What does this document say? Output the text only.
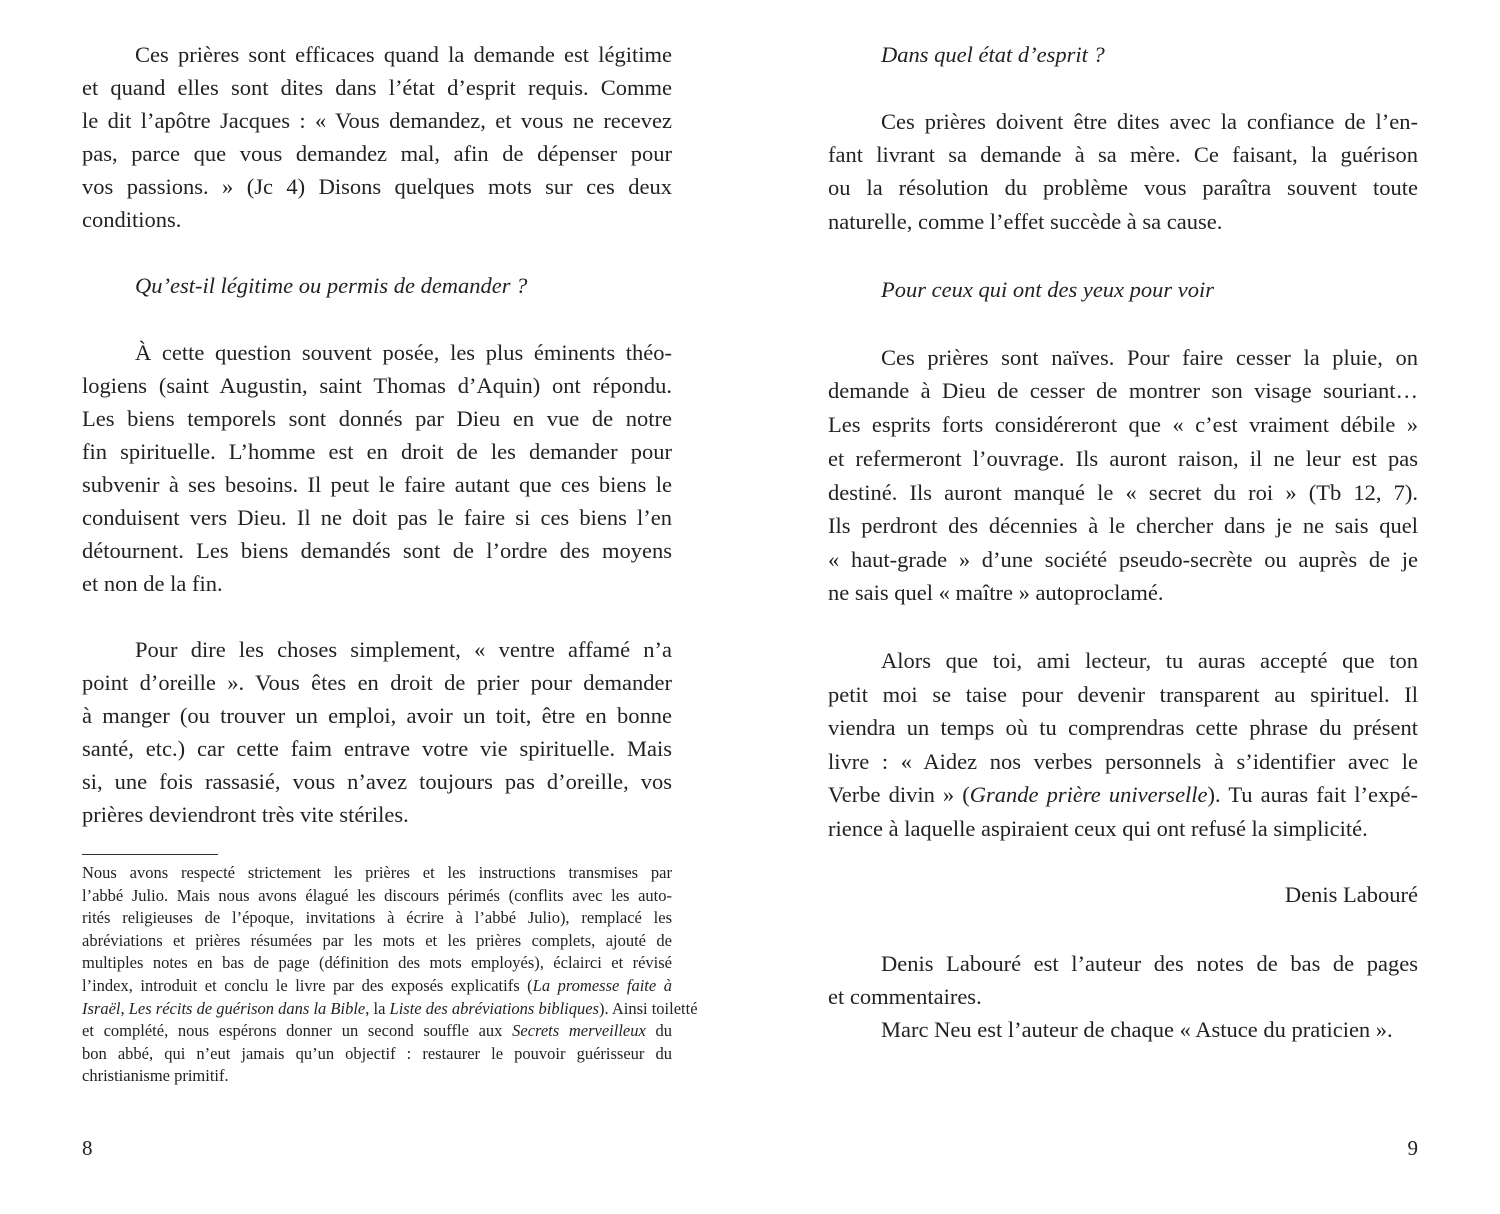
Ces prières sont efficaces quand la demande est légitime
et quand elles sont dites dans l’état d’esprit requis. Comme
le dit l’apôtre Jacques : « Vous demandez, et vous ne recevez
pas, parce que vous demandez mal, afin de dépenser pour
vos passions. » (Jc 4) Disons quelques mots sur ces deux
conditions.
Qu’est-il légitime ou permis de demander ?
À cette question souvent posée, les plus éminents théo-
logiens (saint Augustin, saint Thomas d’Aquin) ont répondu.
Les biens temporels sont donnés par Dieu en vue de notre
fin spirituelle. L’homme est en droit de les demander pour
subvenir à ses besoins. Il peut le faire autant que ces biens le
conduisent vers Dieu. Il ne doit pas le faire si ces biens l’en
détournent. Les biens demandés sont de l’ordre des moyens
et non de la fin.
Pour dire les choses simplement, « ventre affamé n’a
point d’oreille ». Vous êtes en droit de prier pour demander
à manger (ou trouver un emploi, avoir un toit, être en bonne
santé, etc.) car cette faim entrave votre vie spirituelle. Mais
si, une fois rassasié, vous n’avez toujours pas d’oreille, vos
prières deviendront très vite stériles.
Nous avons respecté strictement les prières et les instructions transmises par
l’abbé Julio. Mais nous avons élagué les discours périmés (conflits avec les auto-
rités religieuses de l’époque, invitations à écrire à l’abbé Julio), remplacé les
abréviations et prières résumées par les mots et les prières complets, ajouté de
multiples notes en bas de page (définition des mots employés), éclairci et révisé
l’index, introduit et conclu le livre par des exposés explicatifs (La promesse faite à
Israël, Les récits de guérison dans la Bible, la Liste des abréviations bibliques). Ainsi toiletté
et complété, nous espérons donner un second souffle aux Secrets merveilleux du
bon abbé, qui n’eut jamais qu’un objectif : restaurer le pouvoir guérisseur du
christianisme primitif.
8
Dans quel état d’esprit ?
Ces prières doivent être dites avec la confiance de l’en-
fant livrant sa demande à sa mère. Ce faisant, la guérison
ou la résolution du problème vous paraîtra souvent toute
naturelle, comme l’effet succède à sa cause.
Pour ceux qui ont des yeux pour voir
Ces prières sont naïves. Pour faire cesser la pluie, on
demande à Dieu de cesser de montrer son visage souriant…
Les esprits forts considéreront que « c’est vraiment débile »
et refermeront l’ouvrage. Ils auront raison, il ne leur est pas
destiné. Ils auront manqué le « secret du roi » (Tb 12, 7).
Ils perdront des décennies à le chercher dans je ne sais quel
« haut-grade » d’une société pseudo-secrète ou auprès de je
ne sais quel « maître » autoproclamé.
Alors que toi, ami lecteur, tu auras accepté que ton
petit moi se taise pour devenir transparent au spirituel. Il
viendra un temps où tu comprendras cette phrase du présent
livre : « Aidez nos verbes personnels à s’identifier avec le
Verbe divin » (Grande prière universelle). Tu auras fait l’expé-
rience à laquelle aspiraient ceux qui ont refusé la simplicité.
Denis Labouré
Denis Labouré est l’auteur des notes de bas de pages
et commentaires.
Marc Neu est l’auteur de chaque « Astuce du praticien ».
9
